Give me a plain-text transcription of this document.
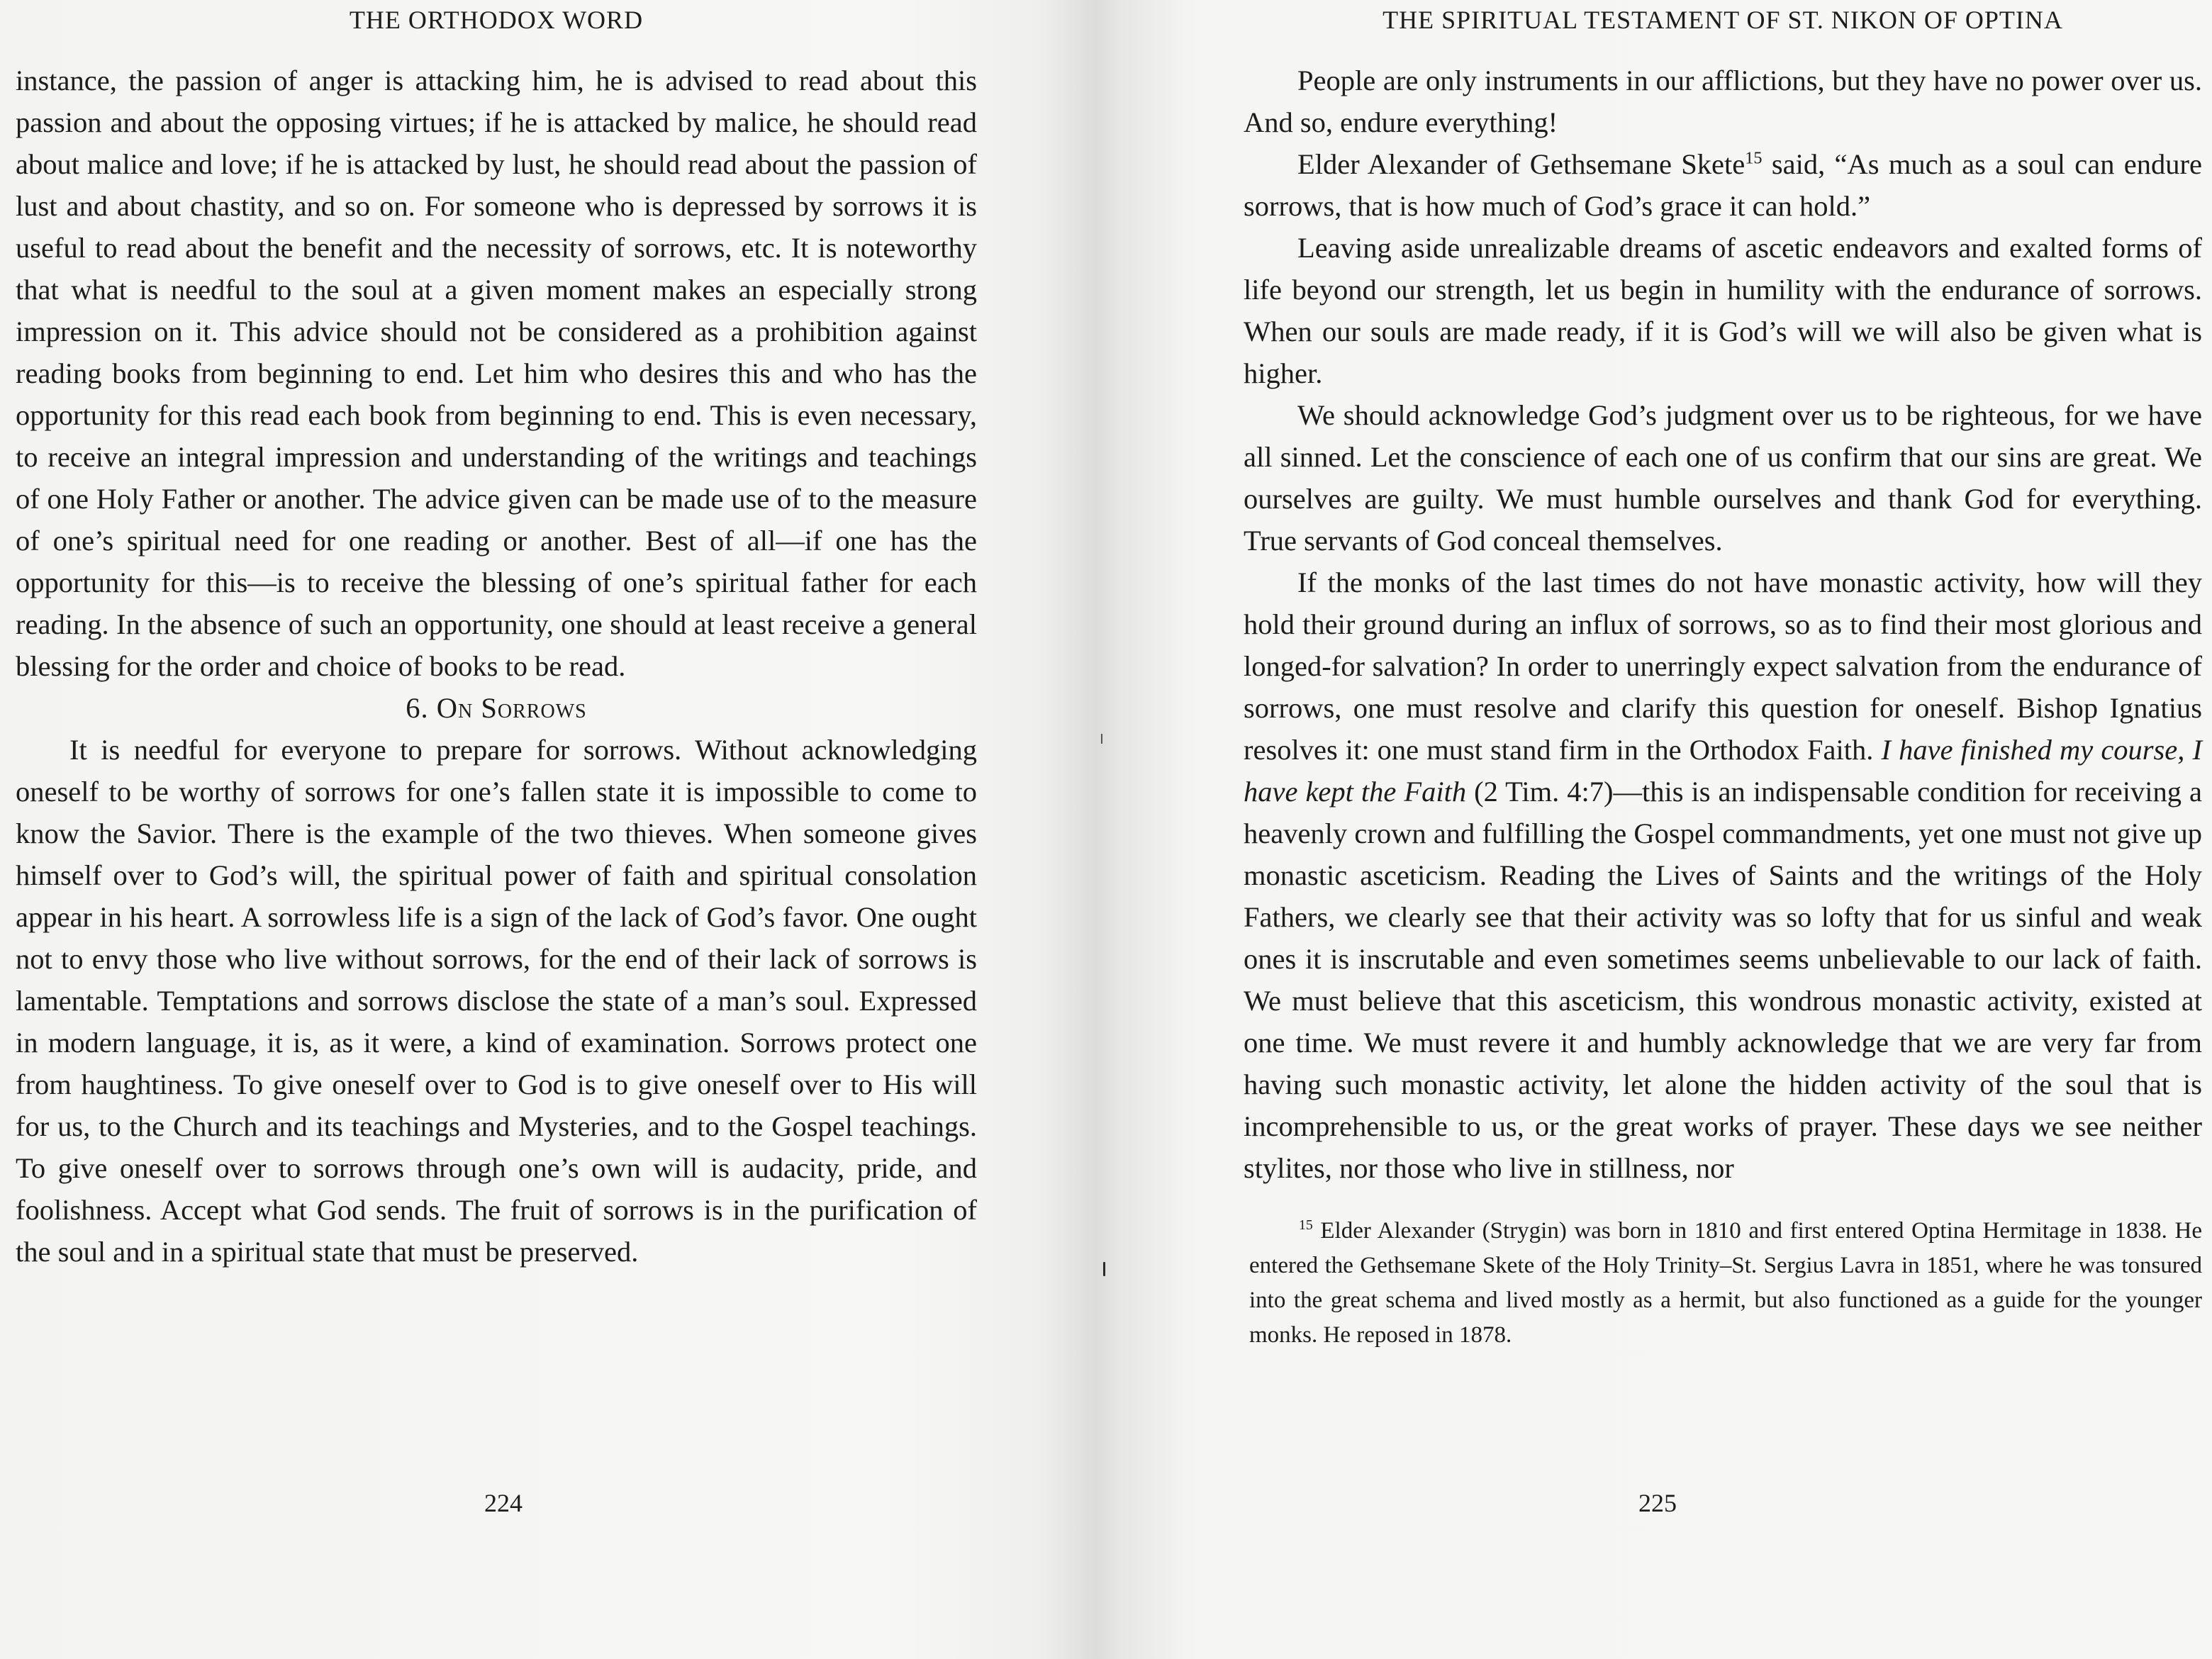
THE ORTHODOX WORD

instance, the passion of anger is attacking him, he is advised to read about this passion and about the opposing virtues; if he is attacked by malice, he should read about malice and love; if he is attacked by lust, he should read about the passion of lust and about chastity, and so on. For someone who is depressed by sorrows it is useful to read about the benefit and the necessity of sorrows, etc. It is noteworthy that what is needful to the soul at a given moment makes an especially strong impression on it. This advice should not be considered as a prohibition against reading books from beginning to end. Let him who desires this and who has the opportunity for this read each book from beginning to end. This is even necessary, to receive an integral impression and understanding of the writings and teachings of one Holy Father or another. The advice given can be made use of to the measure of one’s spiritual need for one reading or another. Best of all—if one has the opportunity for this—is to receive the blessing of one’s spiritual father for each reading. In the absence of such an opportunity, one should at least receive a general blessing for the order and choice of books to be read.

6. On Sorrows

It is needful for everyone to prepare for sorrows. Without acknowledging oneself to be worthy of sorrows for one’s fallen state it is impossible to come to know the Savior. There is the example of the two thieves. When someone gives himself over to God’s will, the spiritual power of faith and spiritual consolation appear in his heart. A sorrowless life is a sign of the lack of God’s favor. One ought not to envy those who live without sorrows, for the end of their lack of sorrows is lamentable. Temptations and sorrows disclose the state of a man’s soul. Expressed in modern language, it is, as it were, a kind of examination. Sorrows protect one from haughtiness. To give oneself over to God is to give oneself over to His will for us, to the Church and its teachings and Mysteries, and to the Gospel teachings. To give oneself over to sorrows through one’s own will is audacity, pride, and foolishness. Accept what God sends. The fruit of sorrows is in the purification of the soul and in a spiritual state that must be preserved.

224
THE SPIRITUAL TESTAMENT OF ST. NIKON OF OPTINA

People are only instruments in our afflictions, but they have no power over us. And so, endure everything!

Elder Alexander of Gethsemane Skete$^{15}$ said, “As much as a soul can endure sorrows, that is how much of God’s grace it can hold.”

Leaving aside unrealizable dreams of ascetic endeavors and exalted forms of life beyond our strength, let us begin in humility with the endurance of sorrows. When our souls are made ready, if it is God’s will we will also be given what is higher.

We should acknowledge God’s judgment over us to be righteous, for we have all sinned. Let the conscience of each one of us confirm that our sins are great. We ourselves are guilty. We must humble ourselves and thank God for everything. True servants of God conceal themselves.

If the monks of the last times do not have monastic activity, how will they hold their ground during an influx of sorrows, so as to find their most glorious and longed-for salvation? In order to unerringly expect salvation from the endurance of sorrows, one must resolve and clarify this question for oneself. Bishop Ignatius resolves it: one must stand firm in the Orthodox Faith. I have finished my course, I have kept the Faith (2 Tim. 4:7)—this is an indispensable condition for receiving a heavenly crown and fulfilling the Gospel commandments, yet one must not give up monastic asceticism. Reading the Lives of Saints and the writings of the Holy Fathers, we clearly see that their activity was so lofty that for us sinful and weak ones it is inscrutable and even sometimes seems unbelievable to our lack of faith. We must believe that this asceticism, this wondrous monastic activity, existed at one time. We must revere it and humbly acknowledge that we are very far from having such monastic activity, let alone the hidden activity of the soul that is incomprehensible to us, or the great works of prayer. These days we see neither stylites, nor those who live in stillness, nor

$^{15}$ Elder Alexander (Strygin) was born in 1810 and first entered Optina Hermitage in 1838. He entered the Gethsemane Skete of the Holy Trinity–St. Sergius Lavra in 1851, where he was tonsured into the great schema and lived mostly as a hermit, but also functioned as a guide for the younger monks. He reposed in 1878.

225
